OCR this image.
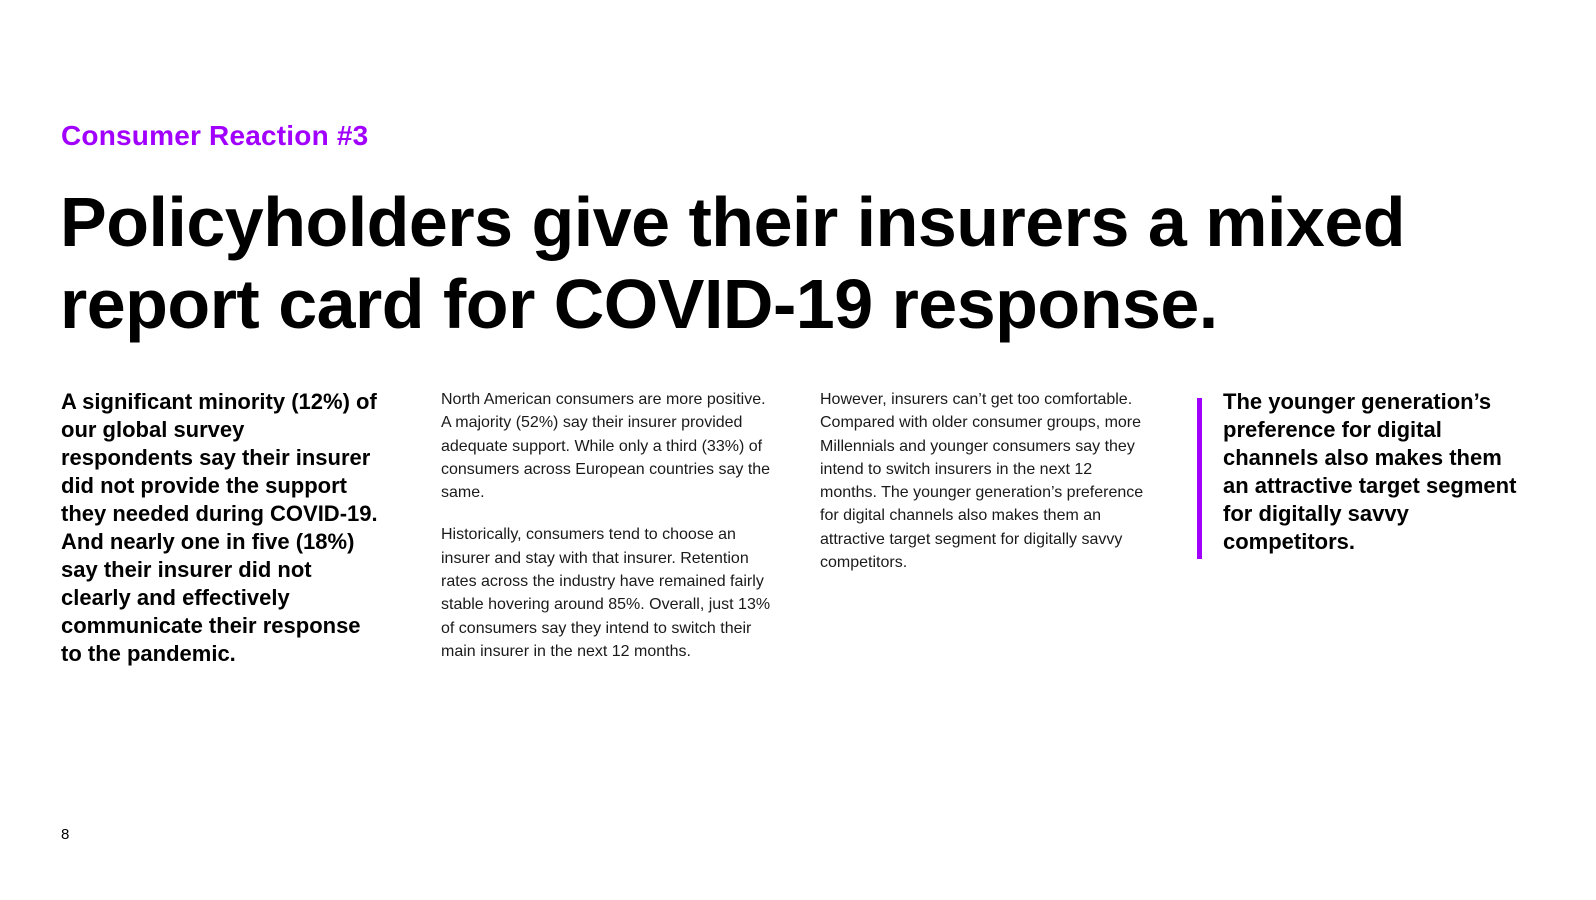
Consumer Reaction #3
Policyholders give their insurers a mixed report card for COVID-19 response.

A significant minority (12%) of our global survey respondents say their insurer did not provide the support they needed during COVID-19. And nearly one in five (18%) say their insurer did not clearly and effectively communicate their response to the pandemic.

North American consumers are more positive. A majority (52%) say their insurer provided adequate support. While only a third (33%) of consumers across European countries say the same.

Historically, consumers tend to choose an insurer and stay with that insurer. Retention rates across the industry have remained fairly stable hovering around 85%. Overall, just 13% of consumers say they intend to switch their main insurer in the next 12 months.

However, insurers can’t get too comfortable. Compared with older consumer groups, more Millennials and younger consumers say they intend to switch insurers in the next 12 months. The younger generation’s preference for digital channels also makes them an attractive target segment for digitally savvy competitors.

The younger generation’s preference for digital channels also makes them an attractive target segment for digitally savvy competitors.

8
